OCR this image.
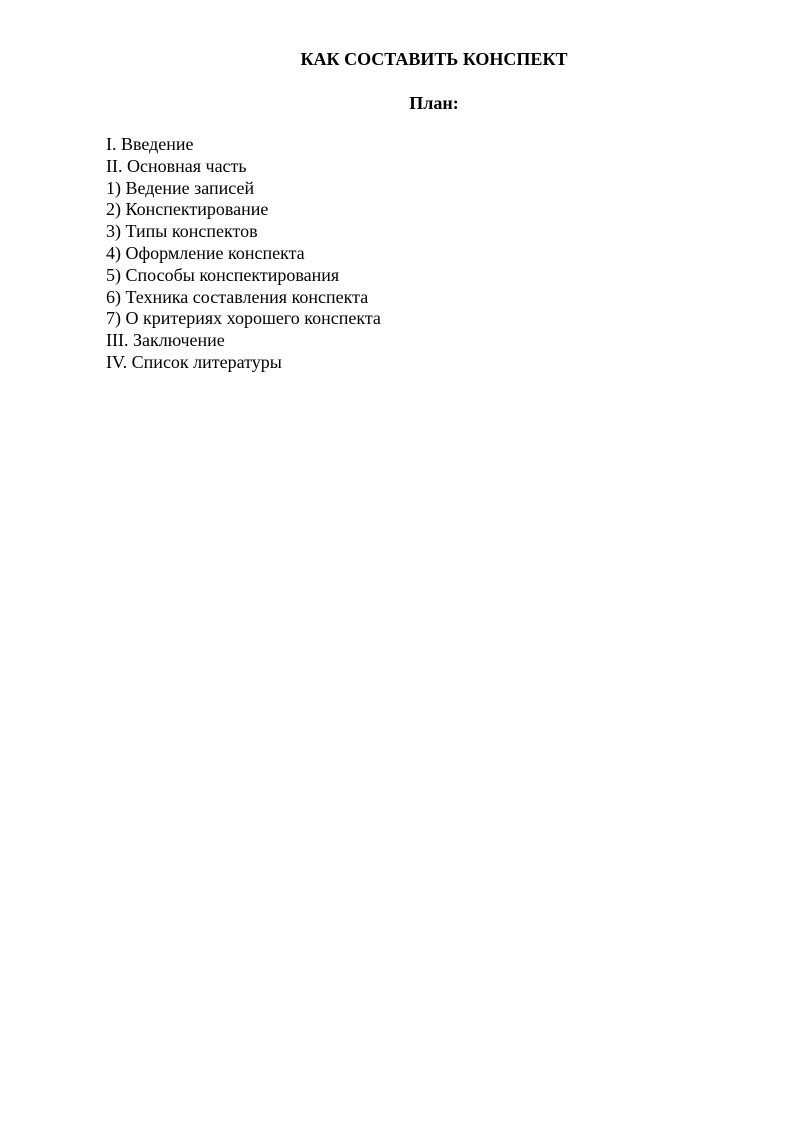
КАК СОСТАВИТЬ КОНСПЕКТ
План:
I. Введение
II. Основная часть
1) Ведение записей
2) Конспектирование
3) Типы конспектов
4) Оформление конспекта
5) Способы конспектирования
6) Техника составления конспекта
7) О критериях хорошего конспекта
III. Заключение
IV. Список литературы
